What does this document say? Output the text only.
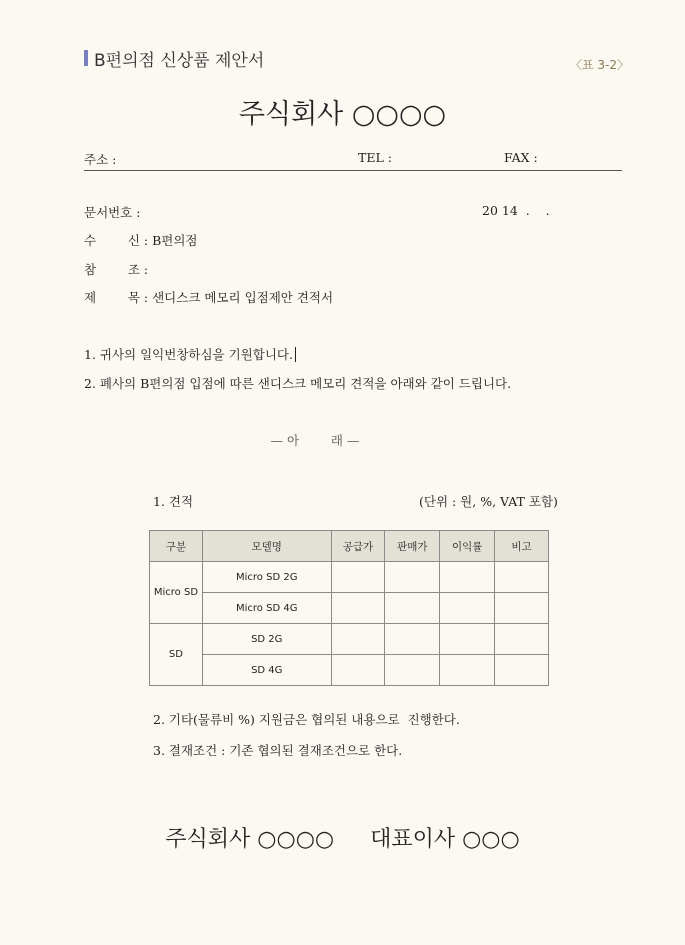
B편의점 신상품 제안서	〈표 3-2〉
주식회사 ○○○○
주소 :	TEL :	FAX :
문서번호 :	20 14  .    .
수        신 : B편의점
참        조 :
제        목 : 샌디스크 메모리 입점제안 견적서
1. 귀사의 일익번창하심을 기원합니다.
2. 폐사의 B편의점 입점에 따른 샌디스크 메모리 견적을 아래와 같이 드립니다.
— 아        래 —
1. 견적	(단위 : 원, %, VAT 포함)
구분	모델명	공급가	판매가	이익률	비고
Micro SD	Micro SD 2G				
	Micro SD 4G				
SD	SD 2G				
	SD 4G				
2. 기타(물류비 %) 지원금은 협의된 내용으로  진행한다.
3. 결재조건 : 기존 협의된 결재조건으로 한다.
주식회사 ○○○○ 대표이사 ○○○
